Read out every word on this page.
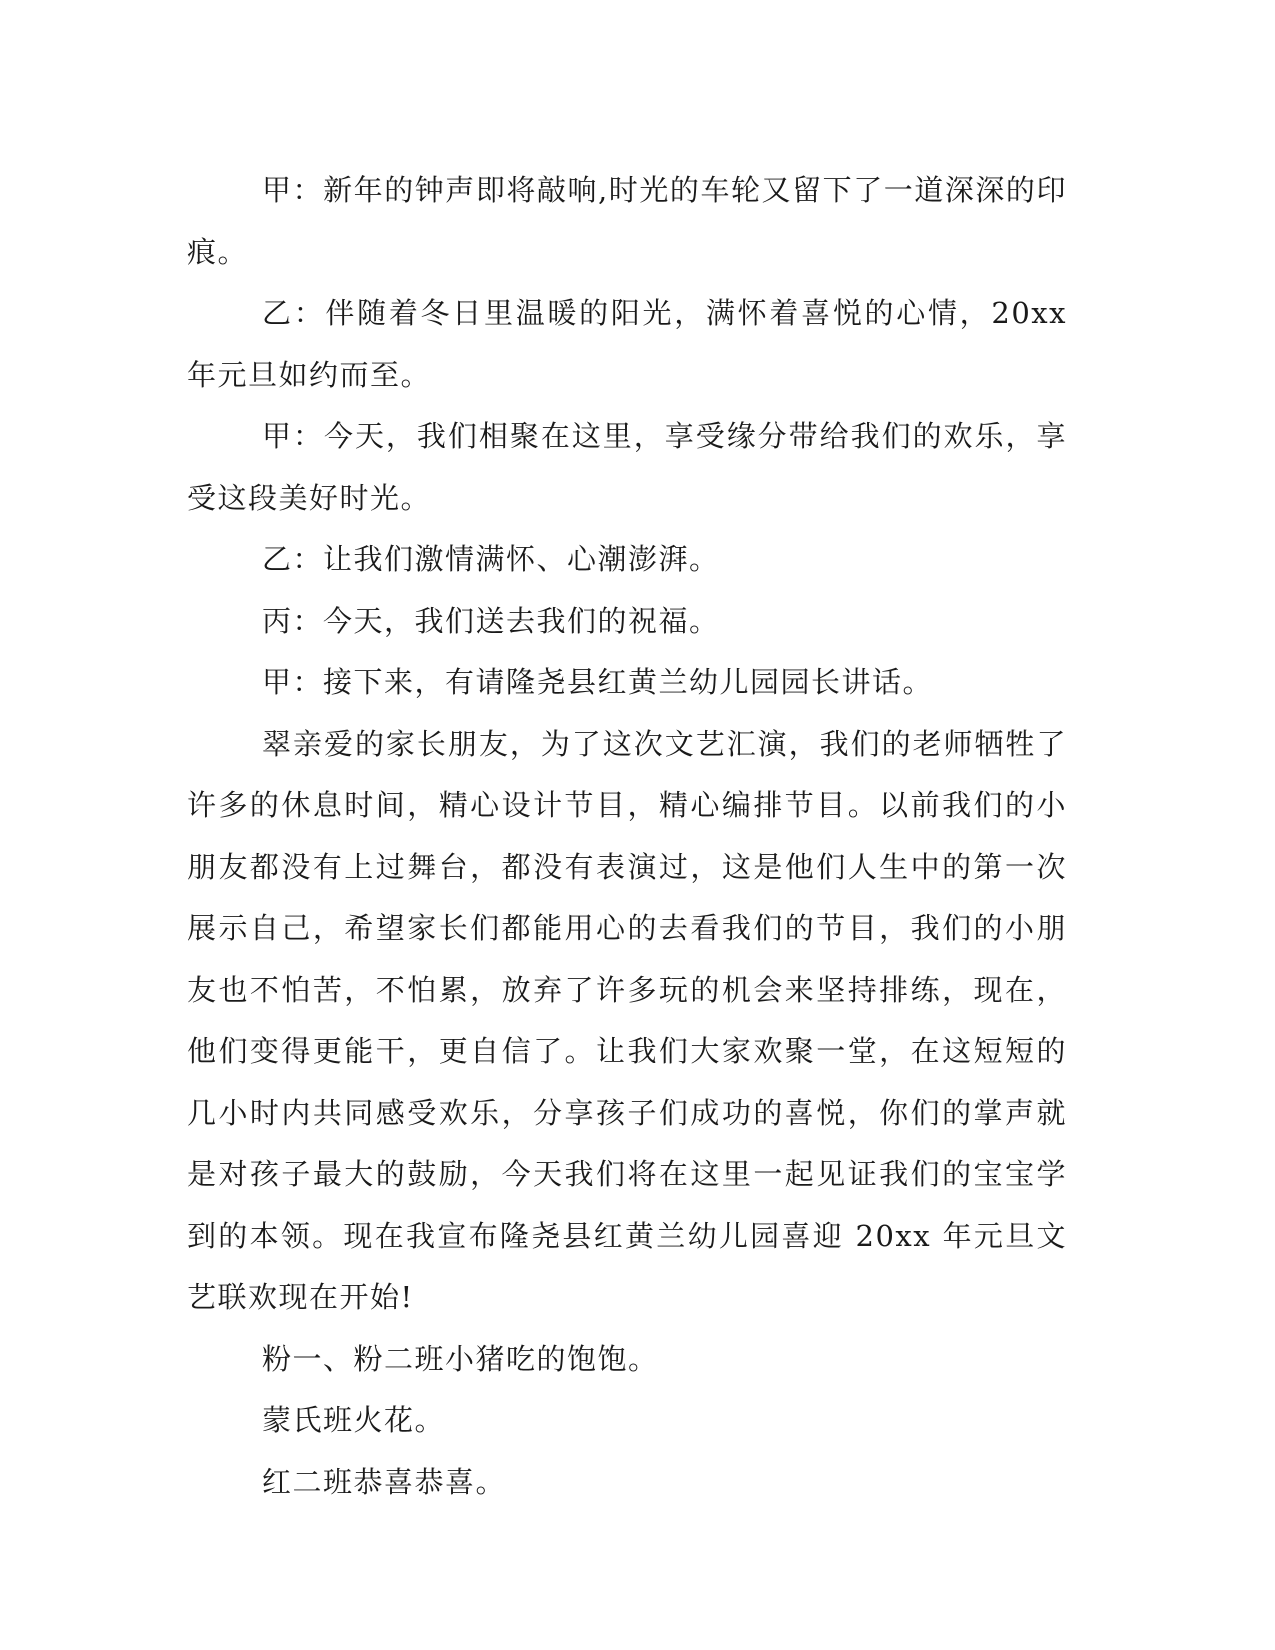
甲：新年的钟声即将敲响,时光的车轮又留下了一道深深的印痕。

乙：伴随着冬日里温暖的阳光，满怀着喜悦的心情，20xx 年元旦如约而至。

甲：今天，我们相聚在这里，享受缘分带给我们的欢乐，享受这段美好时光。

乙：让我们激情满怀、心潮澎湃。

丙：今天，我们送去我们的祝福。

甲：接下来，有请隆尧县红黄兰幼儿园园长讲话。

翠亲爱的家长朋友，为了这次文艺汇演，我们的老师牺牲了许多的休息时间，精心设计节目，精心编排节目。以前我们的小朋友都没有上过舞台，都没有表演过，这是他们人生中的第一次展示自己，希望家长们都能用心的去看我们的节目，我们的小朋友也不怕苦，不怕累，放弃了许多玩的机会来坚持排练，现在，他们变得更能干，更自信了。让我们大家欢聚一堂，在这短短的几小时内共同感受欢乐，分享孩子们成功的喜悦，你们的掌声就是对孩子最大的鼓励，今天我们将在这里一起见证我们的宝宝学到的本领。现在我宣布隆尧县红黄兰幼儿园喜迎 20xx 年元旦文艺联欢现在开始!

粉一、粉二班小猪吃的饱饱。

蒙氏班火花。

红二班恭喜恭喜。
